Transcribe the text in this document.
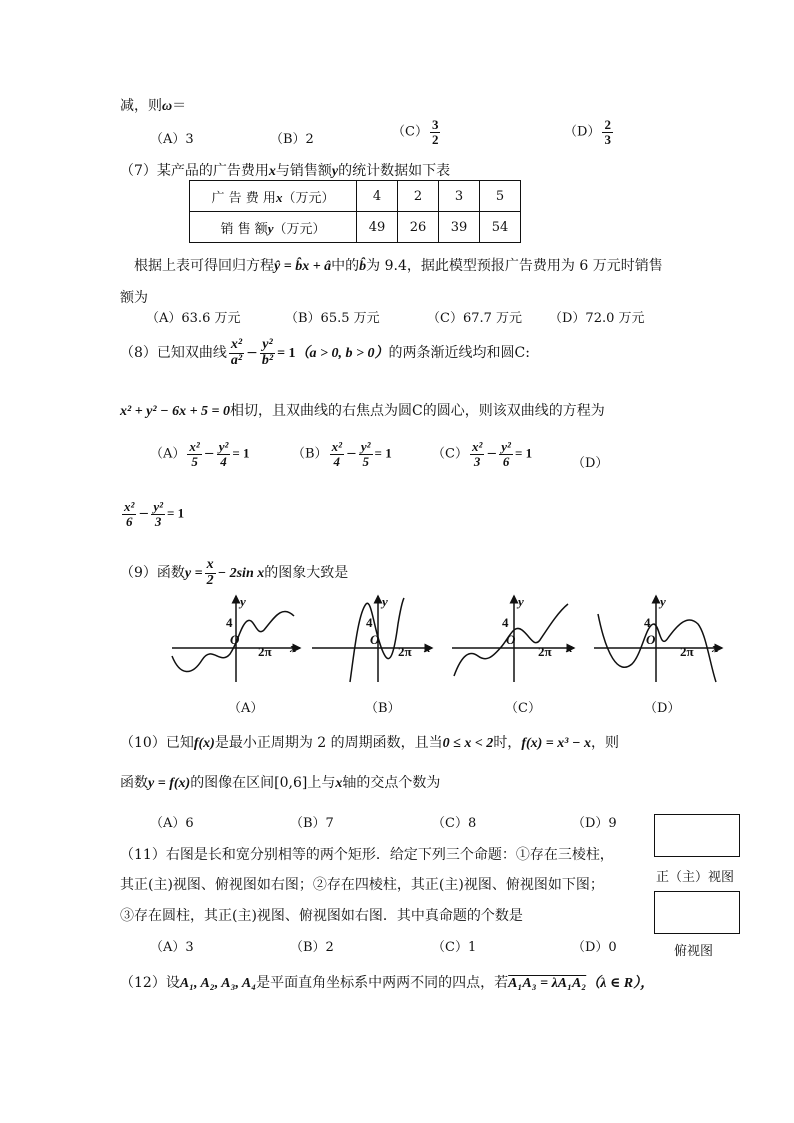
减，则ω＝
（A）3	（B）2	$(C) \frac{3}{2}$	$(D) \frac{2}{3}$
（7）某产品的广告费用x与销售额y的统计数据如下表
广 告 费 用x（万元）	4	2	3	5
销 售 额y（万元）	49	26	39	54
根据上表可得回归方程ŷ = b̂x + â中的b̂为 9.4，据此模型预报广告费用为 6 万元时销售
额为
（A）63.6 万元	（B）65.5 万元	（C）67.7 万元 （D）72.0 万元
（8）已知双曲线 $\frac{\text{x²}}{\text{a²}} - \frac{\text{y²}}{\text{b²}} = 1(a > 0$, b > 0）的两条渐近线均和圆C:
x² + y² − 6x + 5 = 0相切，且双曲线的右焦点为圆C的圆心，则该双曲线的方程为
$(A) \frac{\text{x²}}{5} - \frac{\text{y²}}{4} = 1$	$(B) \frac{\text{x²}}{4} - \frac{\text{y²}}{5} = 1$	$(C) \frac{\text{x²}}{3} - \frac{\text{y²}}{6} = 1$
（D）
$\frac{\text{x²}}{6} - \frac{\text{y²}}{3} = 1$
（9）函数$y = \frac{x}{2} - 2\sin$ x的图象大致是
y
4
O
2π x
y
4
O
2π x
y
4
O
2π x
y
4
O
2π x
（A）	（B）	（C）	（D）
（10）已知f(x)是最小正周期为 2 的周期函数，且当0 ≤ x < 2时，f(x) = x³ − x，则
函数y = f(x)的图像在区间[0,6]上与x轴的交点个数为
（A）6	（B）7	（C）8	（D）9
（11）右图是长和宽分别相等的两个矩形．给定下列三个命题：①存在三棱柱，
其正(主)视图、俯视图如右图；②存在四棱柱，其正(主)视图、俯视图如下图；
③存在圆柱，其正(主)视图、俯视图如右图．其中真命题的个数是
（A）3	（B）2	（C）1	（D）0
正（主）视图
俯视图
（12）设A₁, A₂, A₃, A₄是平面直角坐标系中两两不同的四点，若A₁A₃ = λA₁A₂（λ ∈ R），
